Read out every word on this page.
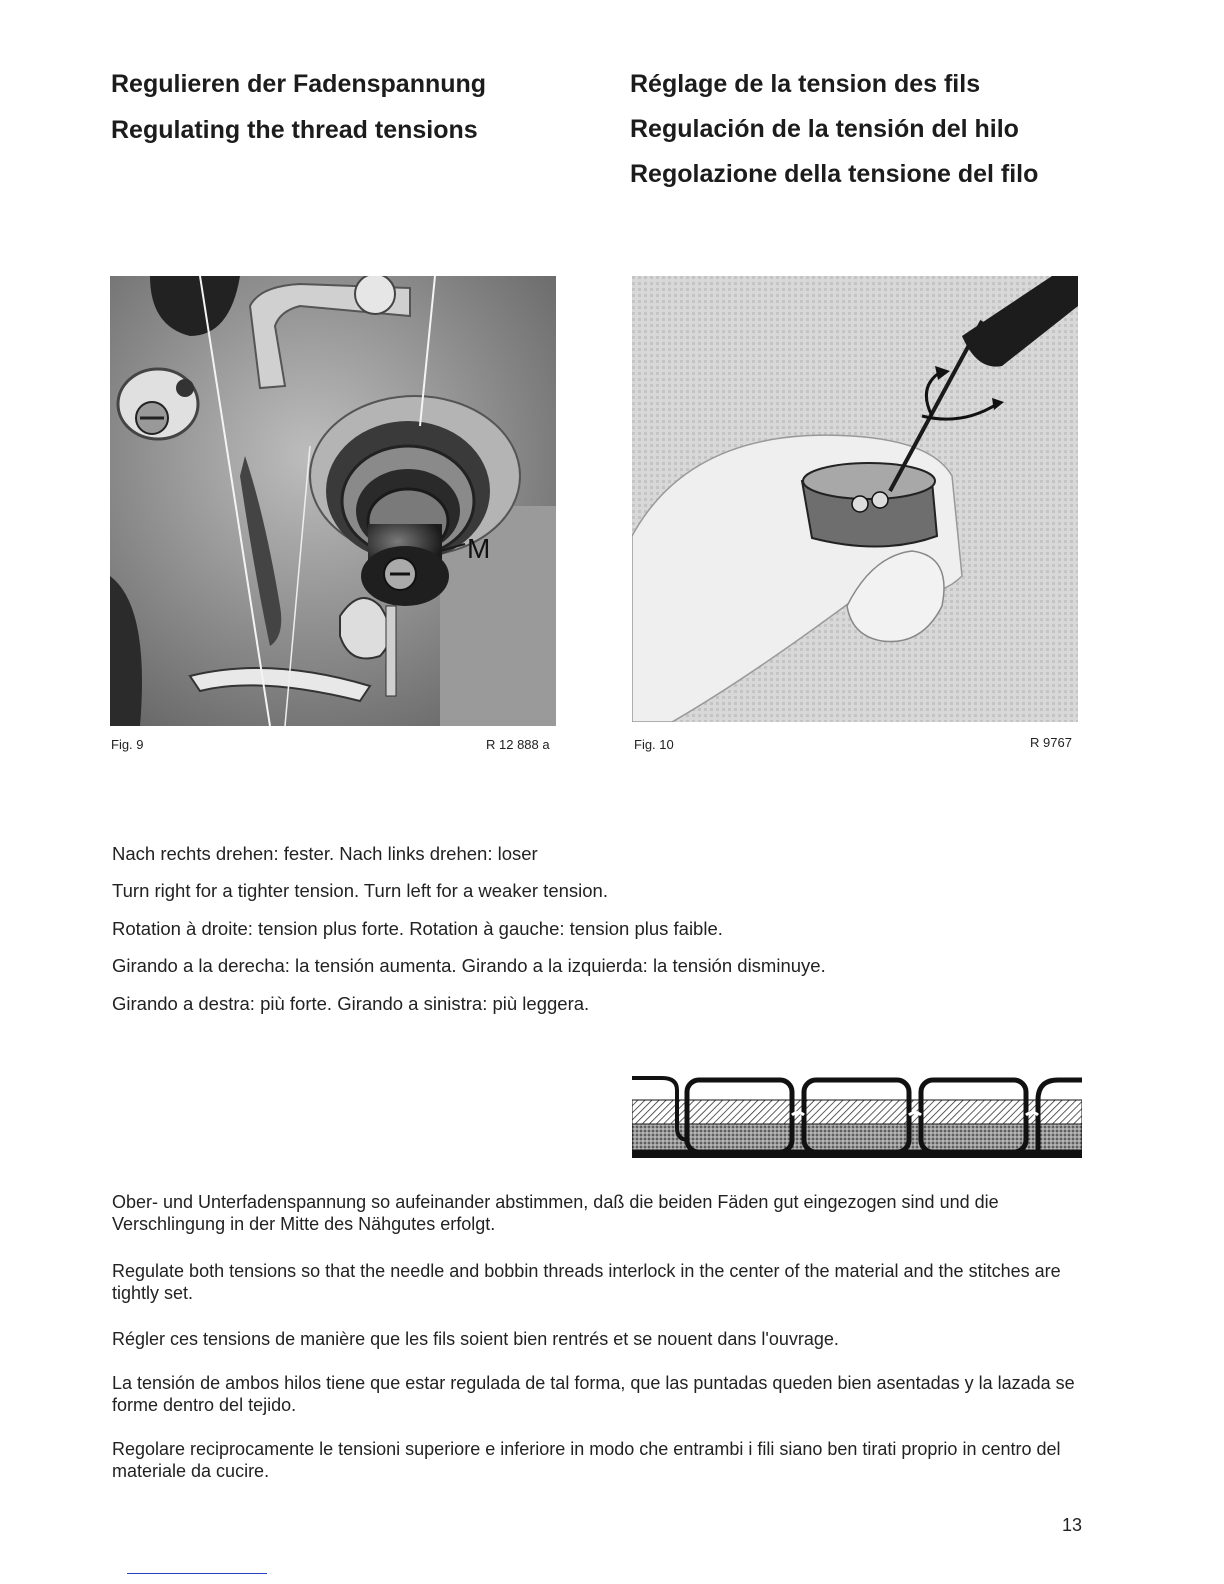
Regulieren der Fadenspannung
Regulating the thread tensions
Réglage de la tension des fils
Regulación de la tensión del hilo
Regolazione della tensione del filo
M
Fig. 9	R 12 888 a	Fig. 10	R 9767
Nach rechts drehen: fester. Nach links drehen: loser
Turn right for a tighter tension. Turn left for a weaker tension.
Rotation à droite: tension plus forte. Rotation à gauche: tension plus faible.
Girando a la derecha: la tensión aumenta. Girando a la izquierda: la tensión disminuye.
Girando a destra: più forte. Girando a sinistra: più leggera.
Ober- und Unterfadenspannung so aufeinander abstimmen, daß die beiden Fäden gut eingezogen sind und die Verschlingung in der Mitte des Nähgutes erfolgt.
Regulate both tensions so that the needle and bobbin threads interlock in the center of the material and the stitches are tightly set.
Régler ces tensions de manière que les fils soient bien rentrés et se nouent dans l'ouvrage.
La tensión de ambos hilos tiene que estar regulada de tal forma, que las puntadas queden bien asentadas y la lazada se forme dentro del tejido.
Regolare reciprocamente le tensioni superiore e inferiore in modo che entrambi i fili siano ben tirati proprio in centro del materiale da cucire.
13
